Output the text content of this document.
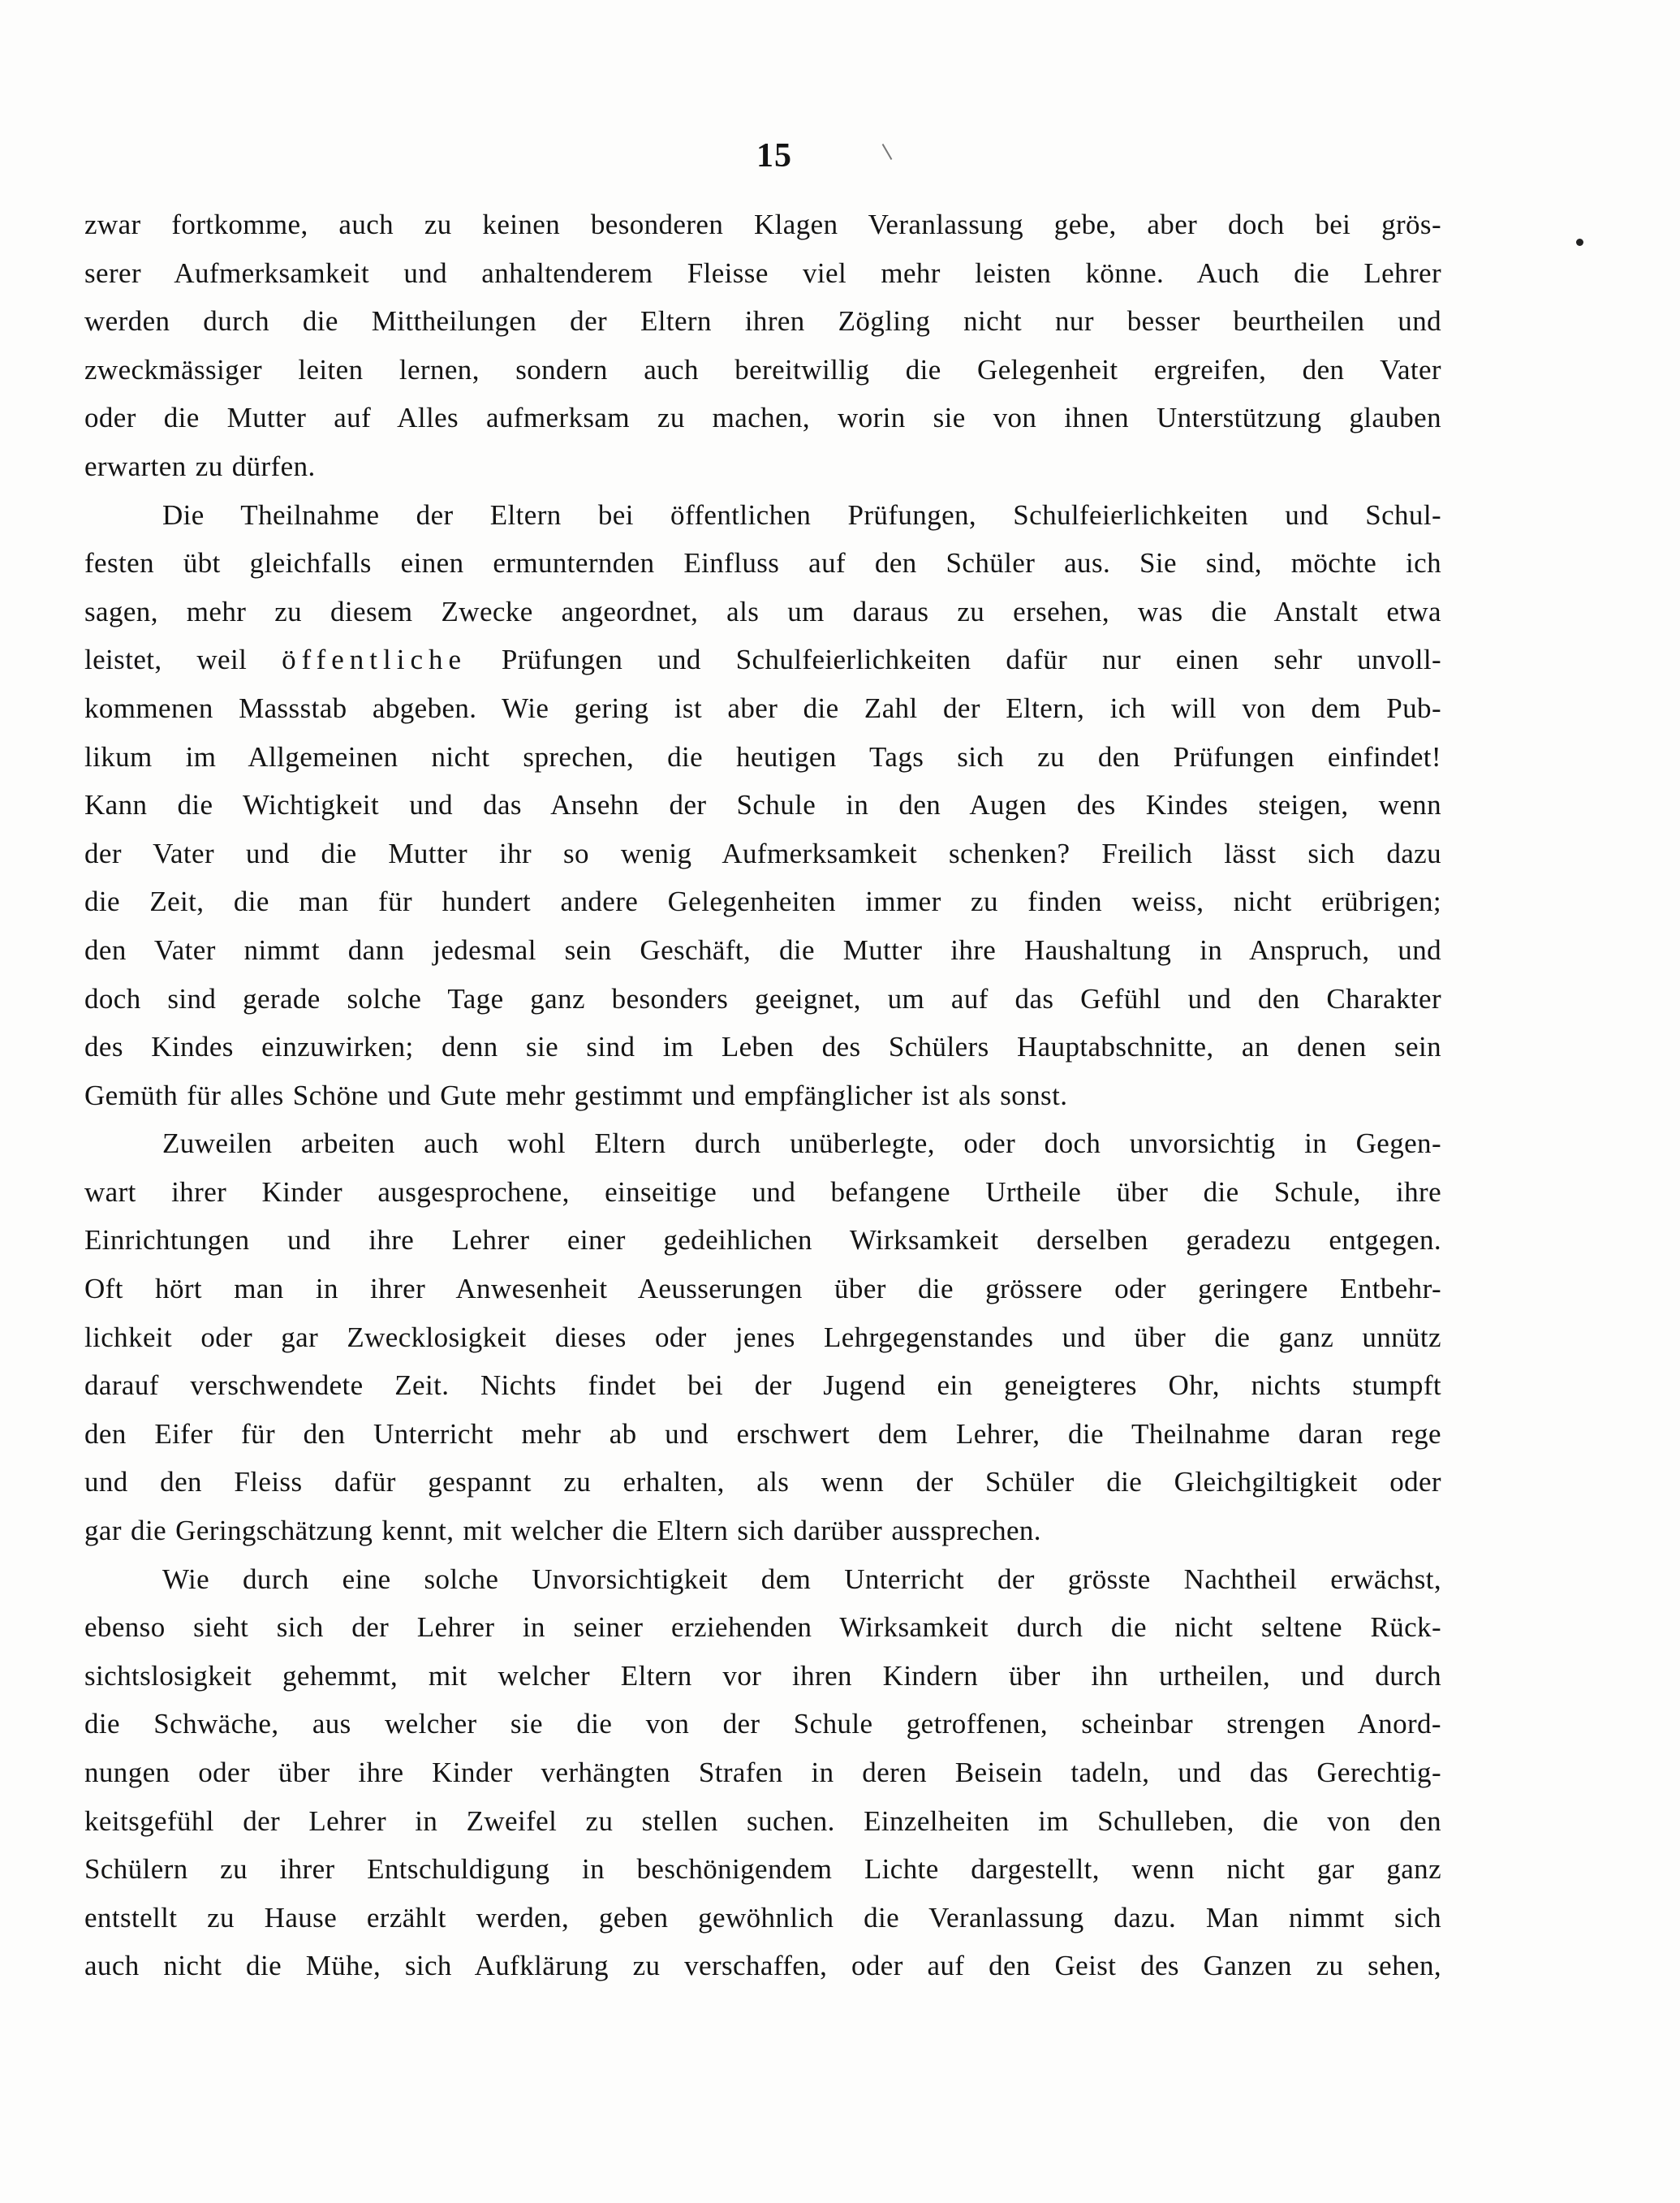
15
zwar fortkomme, auch zu keinen besonderen Klagen Veranlassung gebe, aber doch bei grös-
serer Aufmerksamkeit und anhaltenderem Fleisse viel mehr leisten könne. Auch die Lehrer
werden durch die Mittheilungen der Eltern ihren Zögling nicht nur besser beurtheilen und
zweckmässiger leiten lernen, sondern auch bereitwillig die Gelegenheit ergreifen, den Vater
oder die Mutter auf Alles aufmerksam zu machen, worin sie von ihnen Unterstützung glauben
erwarten zu dürfen.
Die Theilnahme der Eltern bei öffentlichen Prüfungen, Schulfeierlichkeiten und Schul-
festen übt gleichfalls einen ermunternden Einfluss auf den Schüler aus. Sie sind, möchte ich
sagen, mehr zu diesem Zwecke angeordnet, als um daraus zu ersehen, was die Anstalt etwa
leistet, weil öffentliche Prüfungen und Schulfeierlichkeiten dafür nur einen sehr unvoll-
kommenen Massstab abgeben. Wie gering ist aber die Zahl der Eltern, ich will von dem Pub-
likum im Allgemeinen nicht sprechen, die heutigen Tags sich zu den Prüfungen einfindet!
Kann die Wichtigkeit und das Ansehn der Schule in den Augen des Kindes steigen, wenn
der Vater und die Mutter ihr so wenig Aufmerksamkeit schenken? Freilich lässt sich dazu
die Zeit, die man für hundert andere Gelegenheiten immer zu finden weiss, nicht erübrigen;
den Vater nimmt dann jedesmal sein Geschäft, die Mutter ihre Haushaltung in Anspruch, und
doch sind gerade solche Tage ganz besonders geeignet, um auf das Gefühl und den Charakter
des Kindes einzuwirken; denn sie sind im Leben des Schülers Hauptabschnitte, an denen sein
Gemüth für alles Schöne und Gute mehr gestimmt und empfänglicher ist als sonst.
Zuweilen arbeiten auch wohl Eltern durch unüberlegte, oder doch unvorsichtig in Gegen-
wart ihrer Kinder ausgesprochene, einseitige und befangene Urtheile über die Schule, ihre
Einrichtungen und ihre Lehrer einer gedeihlichen Wirksamkeit derselben geradezu entgegen.
Oft hört man in ihrer Anwesenheit Aeusserungen über die grössere oder geringere Entbehr-
lichkeit oder gar Zwecklosigkeit dieses oder jenes Lehrgegenstandes und über die ganz unnütz
darauf verschwendete Zeit. Nichts findet bei der Jugend ein geneigteres Ohr, nichts stumpft
den Eifer für den Unterricht mehr ab und erschwert dem Lehrer, die Theilnahme daran rege
und den Fleiss dafür gespannt zu erhalten, als wenn der Schüler die Gleichgiltigkeit oder
gar die Geringschätzung kennt, mit welcher die Eltern sich darüber aussprechen.
Wie durch eine solche Unvorsichtigkeit dem Unterricht der grösste Nachtheil erwächst,
ebenso sieht sich der Lehrer in seiner erziehenden Wirksamkeit durch die nicht seltene Rück-
sichtslosigkeit gehemmt, mit welcher Eltern vor ihren Kindern über ihn urtheilen, und durch
die Schwäche, aus welcher sie die von der Schule getroffenen, scheinbar strengen Anord-
nungen oder über ihre Kinder verhängten Strafen in deren Beisein tadeln, und das Gerechtig-
keitsgefühl der Lehrer in Zweifel zu stellen suchen. Einzelheiten im Schulleben, die von den
Schülern zu ihrer Entschuldigung in beschönigendem Lichte dargestellt, wenn nicht gar ganz
entstellt zu Hause erzählt werden, geben gewöhnlich die Veranlassung dazu. Man nimmt sich
auch nicht die Mühe, sich Aufklärung zu verschaffen, oder auf den Geist des Ganzen zu sehen,
